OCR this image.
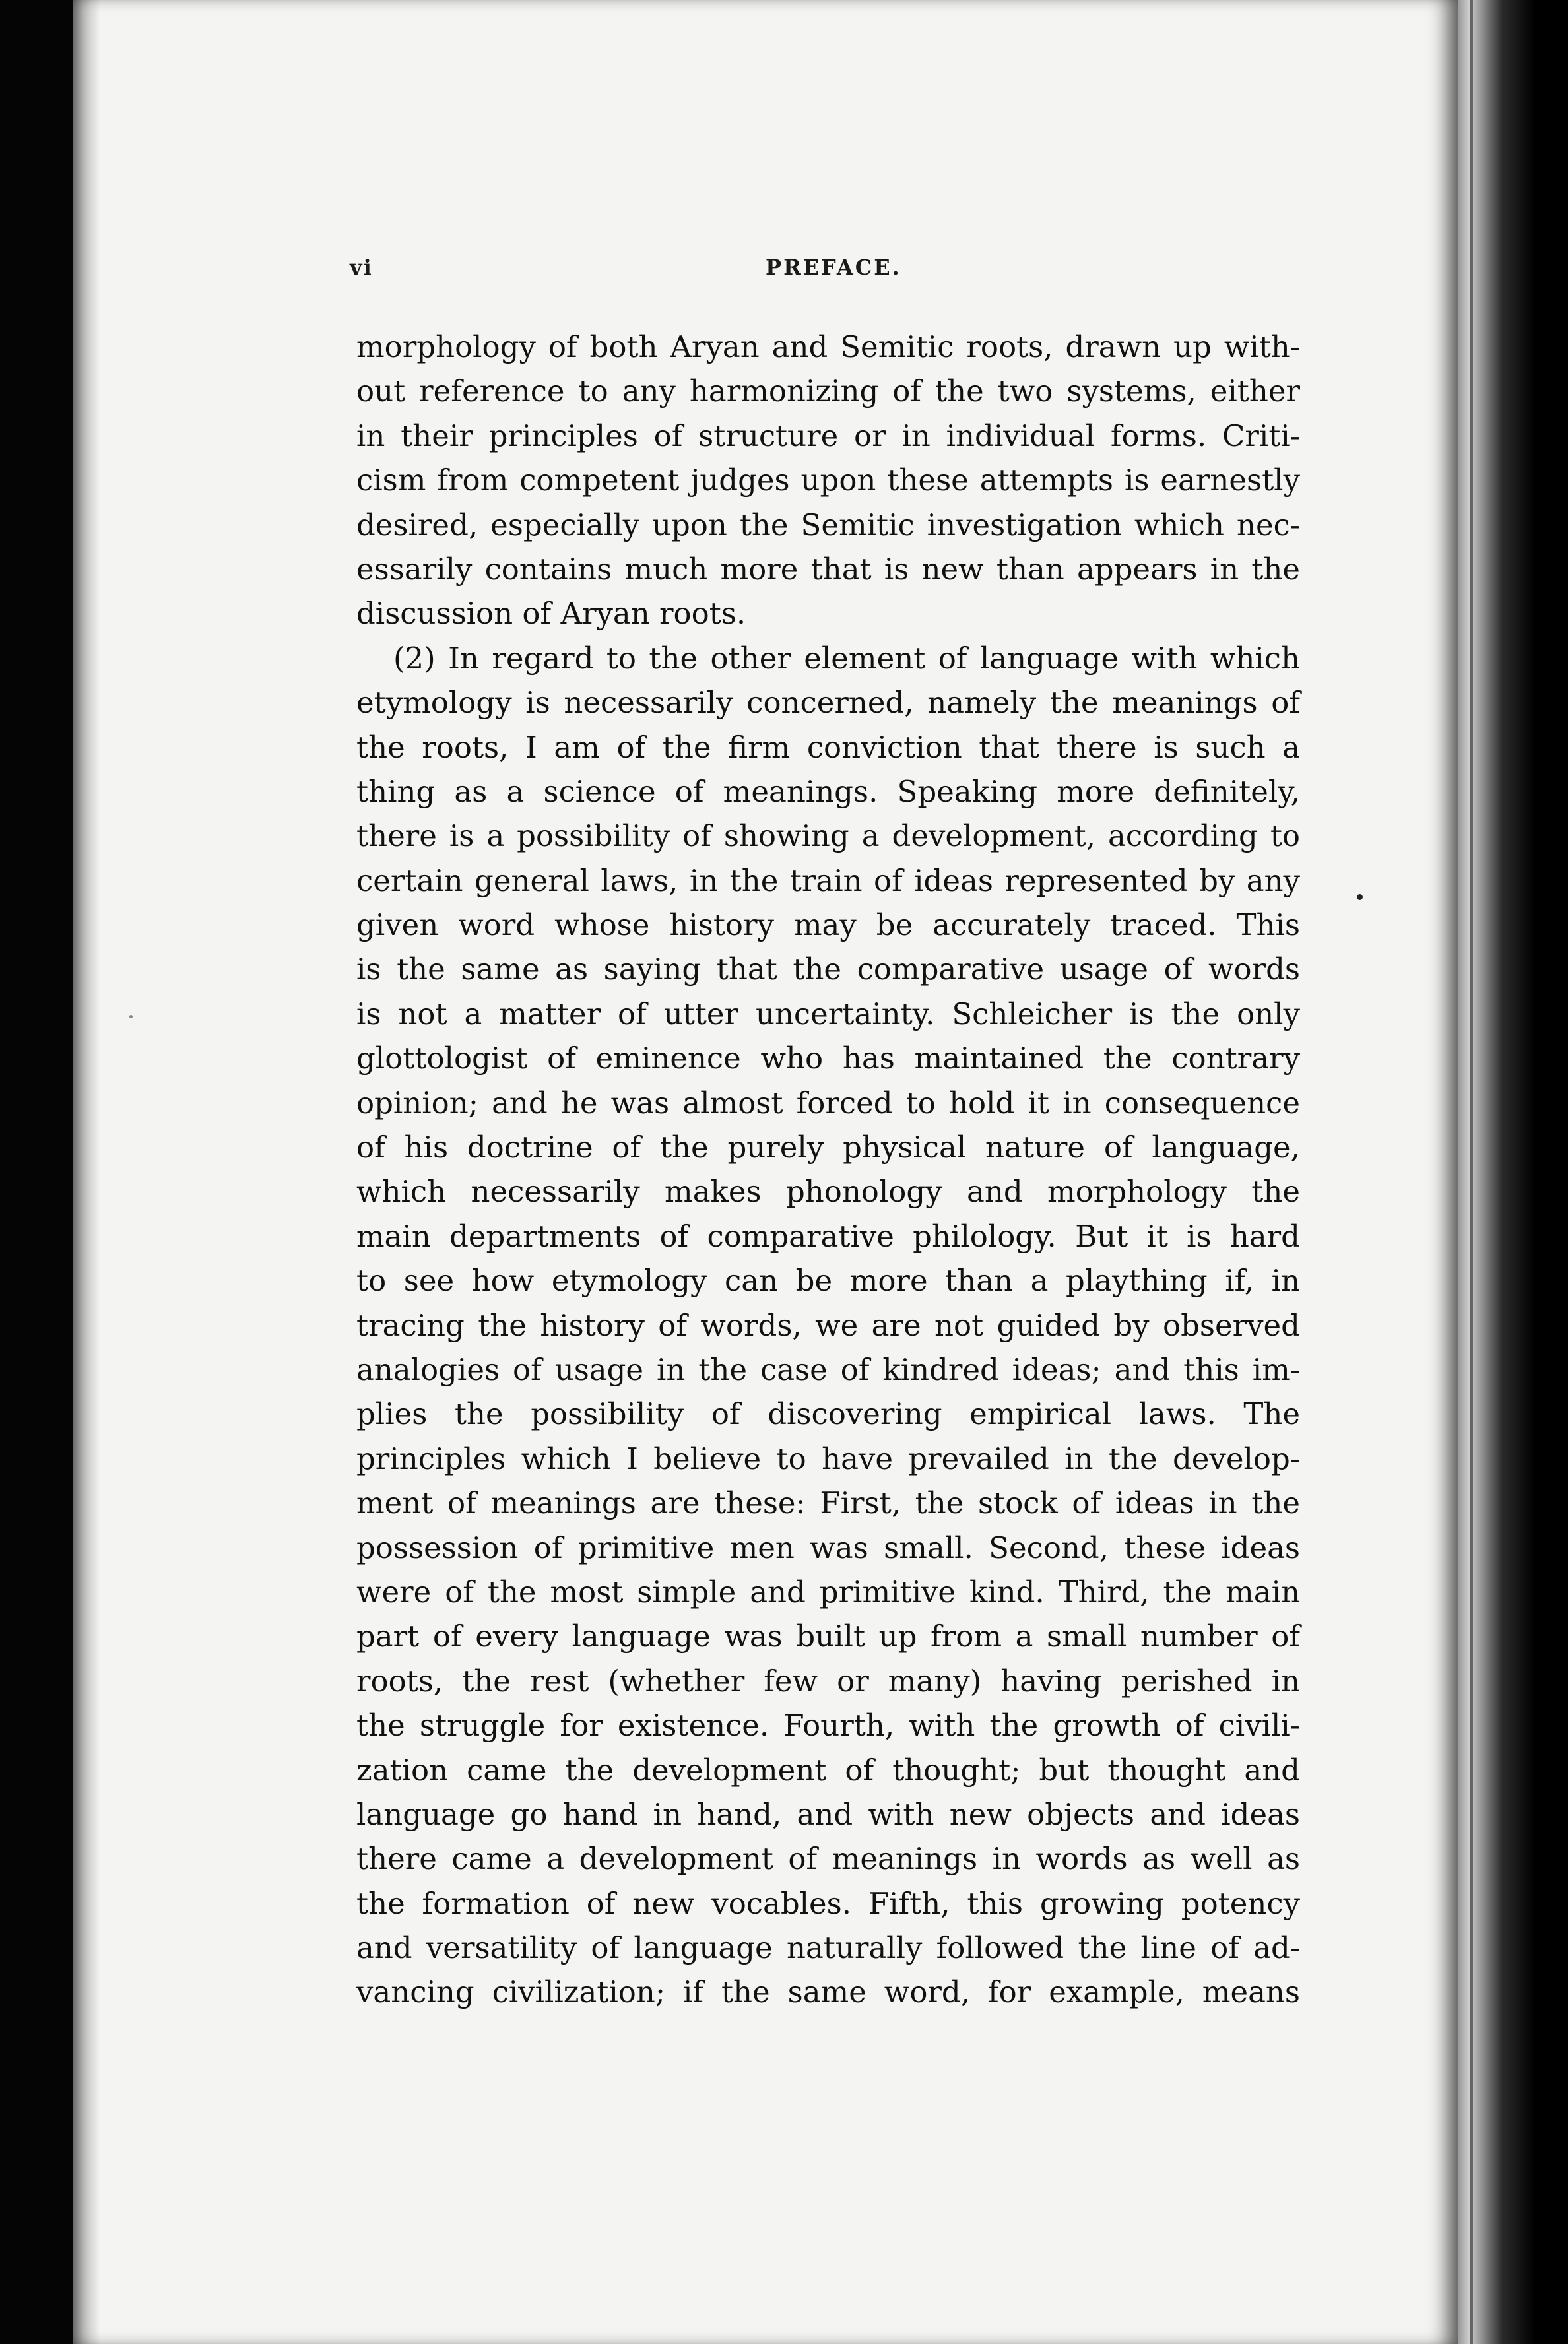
vi	PREFACE.
morphology of both Aryan and Semitic roots, drawn up with-
out reference to any harmonizing of the two systems, either
in their principles of structure or in individual forms. Criti-
cism from competent judges upon these attempts is earnestly
desired, especially upon the Semitic investigation which nec-
essarily contains much more that is new than appears in the
discussion of Aryan roots.
(2) In regard to the other element of language with which
etymology is necessarily concerned, namely the meanings of
the roots, I am of the firm conviction that there is such a
thing as a science of meanings. Speaking more definitely,
there is a possibility of showing a development, according to
certain general laws, in the train of ideas represented by any
given word whose history may be accurately traced. This
is the same as saying that the comparative usage of words
is not a matter of utter uncertainty. Schleicher is the only
glottologist of eminence who has maintained the contrary
opinion; and he was almost forced to hold it in consequence
of his doctrine of the purely physical nature of language,
which necessarily makes phonology and morphology the
main departments of comparative philology. But it is hard
to see how etymology can be more than a plaything if, in
tracing the history of words, we are not guided by observed
analogies of usage in the case of kindred ideas; and this im-
plies the possibility of discovering empirical laws. The
principles which I believe to have prevailed in the develop-
ment of meanings are these: First, the stock of ideas in the
possession of primitive men was small. Second, these ideas
were of the most simple and primitive kind. Third, the main
part of every language was built up from a small number of
roots, the rest (whether few or many) having perished in
the struggle for existence. Fourth, with the growth of civili-
zation came the development of thought; but thought and
language go hand in hand, and with new objects and ideas
there came a development of meanings in words as well as
the formation of new vocables. Fifth, this growing potency
and versatility of language naturally followed the line of ad-
vancing civilization; if the same word, for example, means
